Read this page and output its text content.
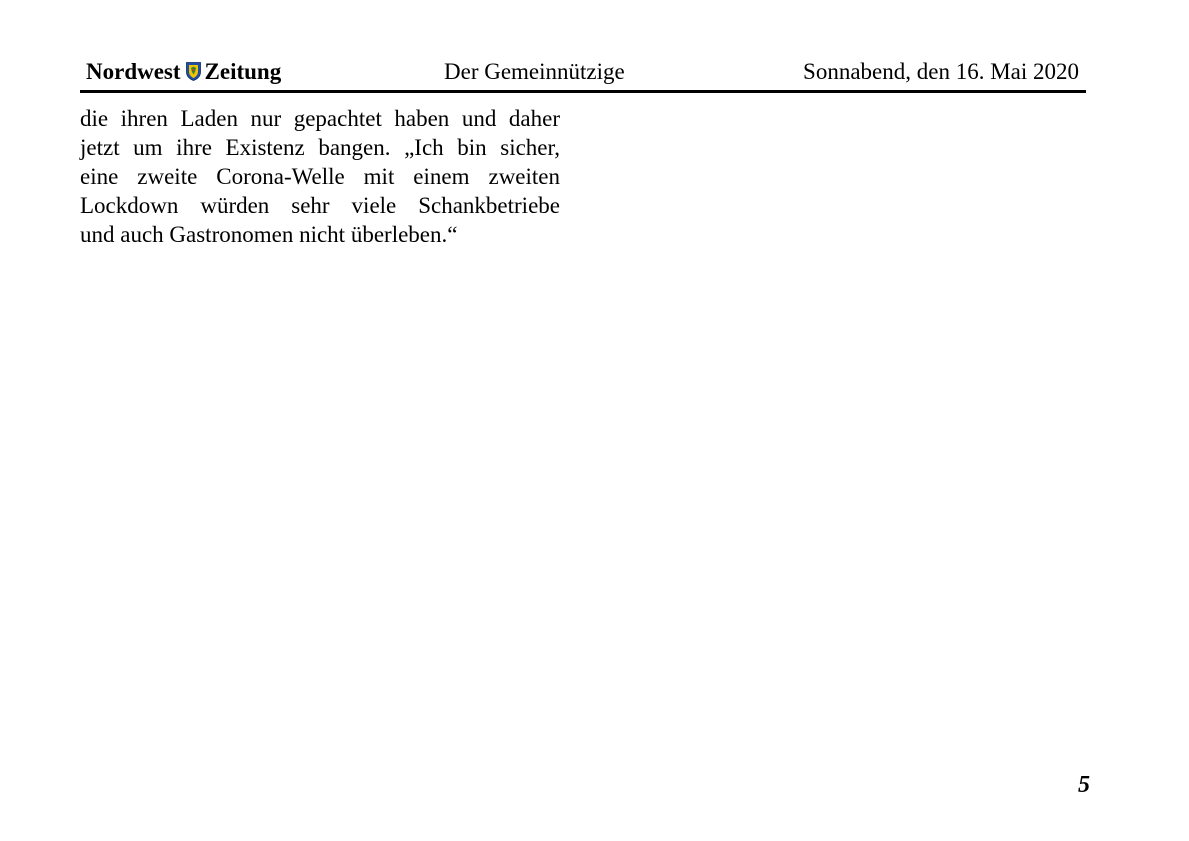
Nordwest Zeitung	Der Gemeinnützige	Sonnabend, den 16. Mai 2020
die ihren Laden nur gepachtet haben und daher
jetzt um ihre Existenz bangen. „Ich bin sicher,
eine zweite Corona-Welle mit einem zweiten
Lockdown würden sehr viele Schankbetriebe
und auch Gastronomen nicht überleben.“
5
